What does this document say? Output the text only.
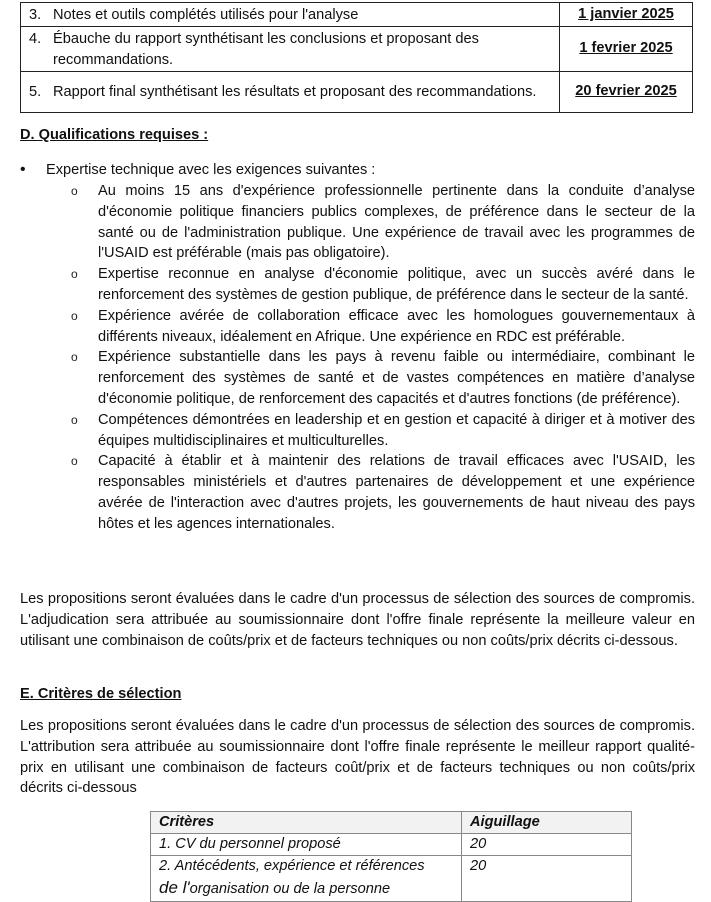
3. Notes et outils complétés utilisés pour l'analyse	1 janvier 2025

4. Ébauche du rapport synthétisant les conclusions et proposant des recommandations.	1 fevrier 2025

5. Rapport final synthétisant les résultats et proposant des recommandations.	20 fevrier 2025
D. Qualifications requises :
• Expertise technique avec les exigences suivantes :
o Au moins 15 ans d'expérience professionnelle pertinente dans la conduite d’analyse d'économie politique financiers publics complexes, de préférence dans le secteur de la santé ou de l'administration publique. Une expérience de travail avec les programmes de l'USAID est préférable (mais pas obligatoire).
o Expertise reconnue en analyse d'économie politique, avec un succès avéré dans le renforcement des systèmes de gestion publique, de préférence dans le secteur de la santé.
o Expérience avérée de collaboration efficace avec les homologues gouvernementaux à différents niveaux, idéalement en Afrique. Une expérience en RDC est préférable.
o Expérience substantielle dans les pays à revenu faible ou intermédiaire, combinant le renforcement des systèmes de santé et de vastes compétences en matière d’analyse d'économie politique, de renforcement des capacités et d'autres fonctions (de préférence).
o Compétences démontrées en leadership et en gestion et capacité à diriger et à motiver des équipes multidisciplinaires et multiculturelles.
o Capacité à établir et à maintenir des relations de travail efficaces avec l'USAID, les responsables ministériels et d'autres partenaires de développement et une expérience avérée de l'interaction avec d'autres projets, les gouvernements de haut niveau des pays hôtes et les agences internationales.
Les propositions seront évaluées dans le cadre d'un processus de sélection des sources de compromis. L'adjudication sera attribuée au soumissionnaire dont l'offre finale représente la meilleure valeur en utilisant une combinaison de coûts/prix et de facteurs techniques ou non coûts/prix décrits ci-dessous.
E. Critères de sélection
Les propositions seront évaluées dans le cadre d'un processus de sélection des sources de compromis. L'attribution sera attribuée au soumissionnaire dont l'offre finale représente le meilleur rapport qualité-prix en utilisant une combinaison de facteurs coût/prix et de facteurs techniques ou non coûts/prix décrits ci-dessous
Critères	Aiguillage
1. CV du personnel proposé	20

2. Antécédents, expérience et références
de l'organisation ou de la personne	20
